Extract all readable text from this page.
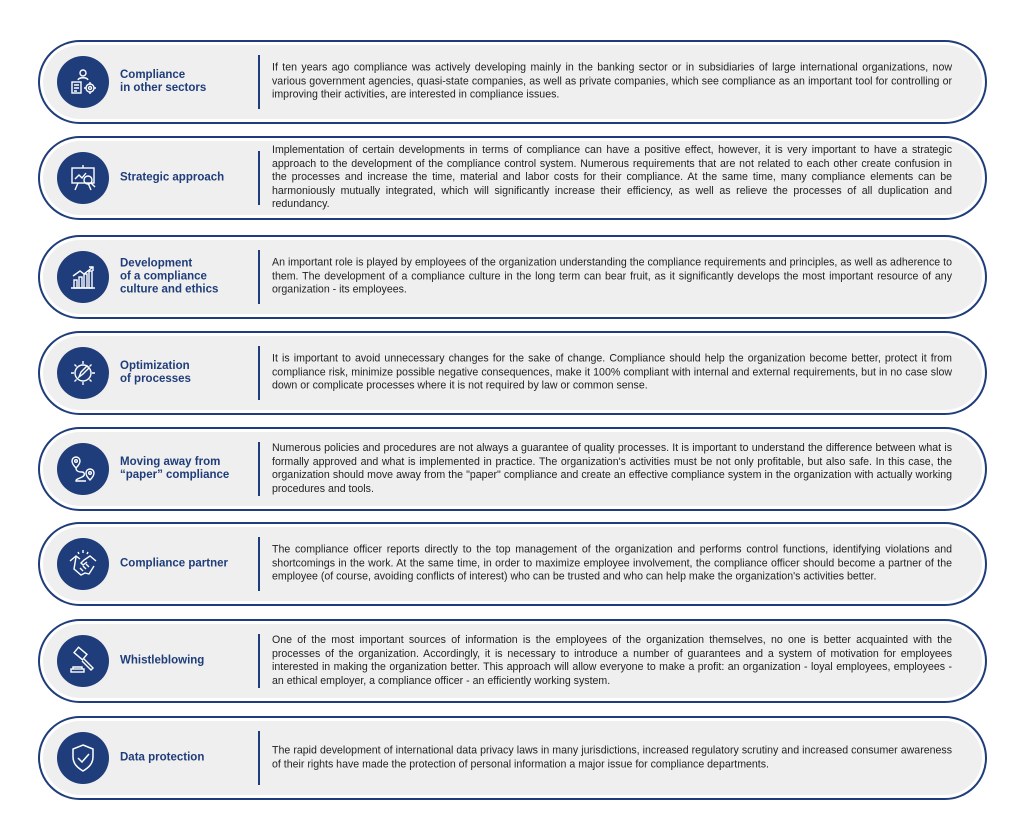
Compliance
in other sectors
If ten years ago compliance was actively developing mainly in the banking sector or in subsidiaries of large international organizations, now various government agencies, quasi-state companies, as well as private companies, which see compliance as an important tool for controlling or improving their activities, are interested in compliance issues.
Strategic approach
Implementation of certain developments in terms of compliance can have a positive effect, however, it is very important to have a strategic approach to the development of the compliance control system. Numerous requirements that are not related to each other create confusion in the processes and increase the time, material and labor costs for their compliance. At the same time, many compliance elements can be harmoniously mutually integrated, which will significantly increase their efficiency, as well as relieve the processes of all duplication and redundancy.
Development
of a compliance
culture and ethics
An important role is played by employees of the organization understanding the compliance requirements and principles, as well as adherence to them. The development of a compliance culture in the long term can bear fruit, as it significantly develops the most important resource of any organization - its employees.
Optimization
of processes
It is important to avoid unnecessary changes for the sake of change. Compliance should help the organization become better, protect it from compliance risk, minimize possible negative consequences, make it 100% compliant with internal and external requirements, but in no case slow down or complicate processes where it is not required by law or common sense.
Moving away from
“paper” compliance
Numerous policies and procedures are not always a guarantee of quality processes. It is important to understand the difference between what is formally approved and what is implemented in practice. The organization's activities must be not only profitable, but also safe. In this case, the organization should move away from the "paper" compliance and create an effective compliance system in the organization with actually working procedures and tools.
Compliance partner
The compliance officer reports directly to the top management of the organization and performs control functions, identifying violations and shortcomings in the work. At the same time, in order to maximize employee involvement, the compliance officer should become a partner of the employee (of course, avoiding conflicts of interest) who can be trusted and who can help make the organization's activities better.
Whistleblowing
One of the most important sources of information is the employees of the organization themselves, no one is better acquainted with the processes of the organization. Accordingly, it is necessary to introduce a number of guarantees and a system of motivation for employees interested in making the organization better. This approach will allow everyone to make a profit: an organization - loyal employees, employees - an ethical employer, a compliance officer - an efficiently working system.
Data protection
The rapid development of international data privacy laws in many jurisdictions, increased regulatory scrutiny and increased consumer awareness of their rights have made the protection of personal information a major issue for compliance departments.
